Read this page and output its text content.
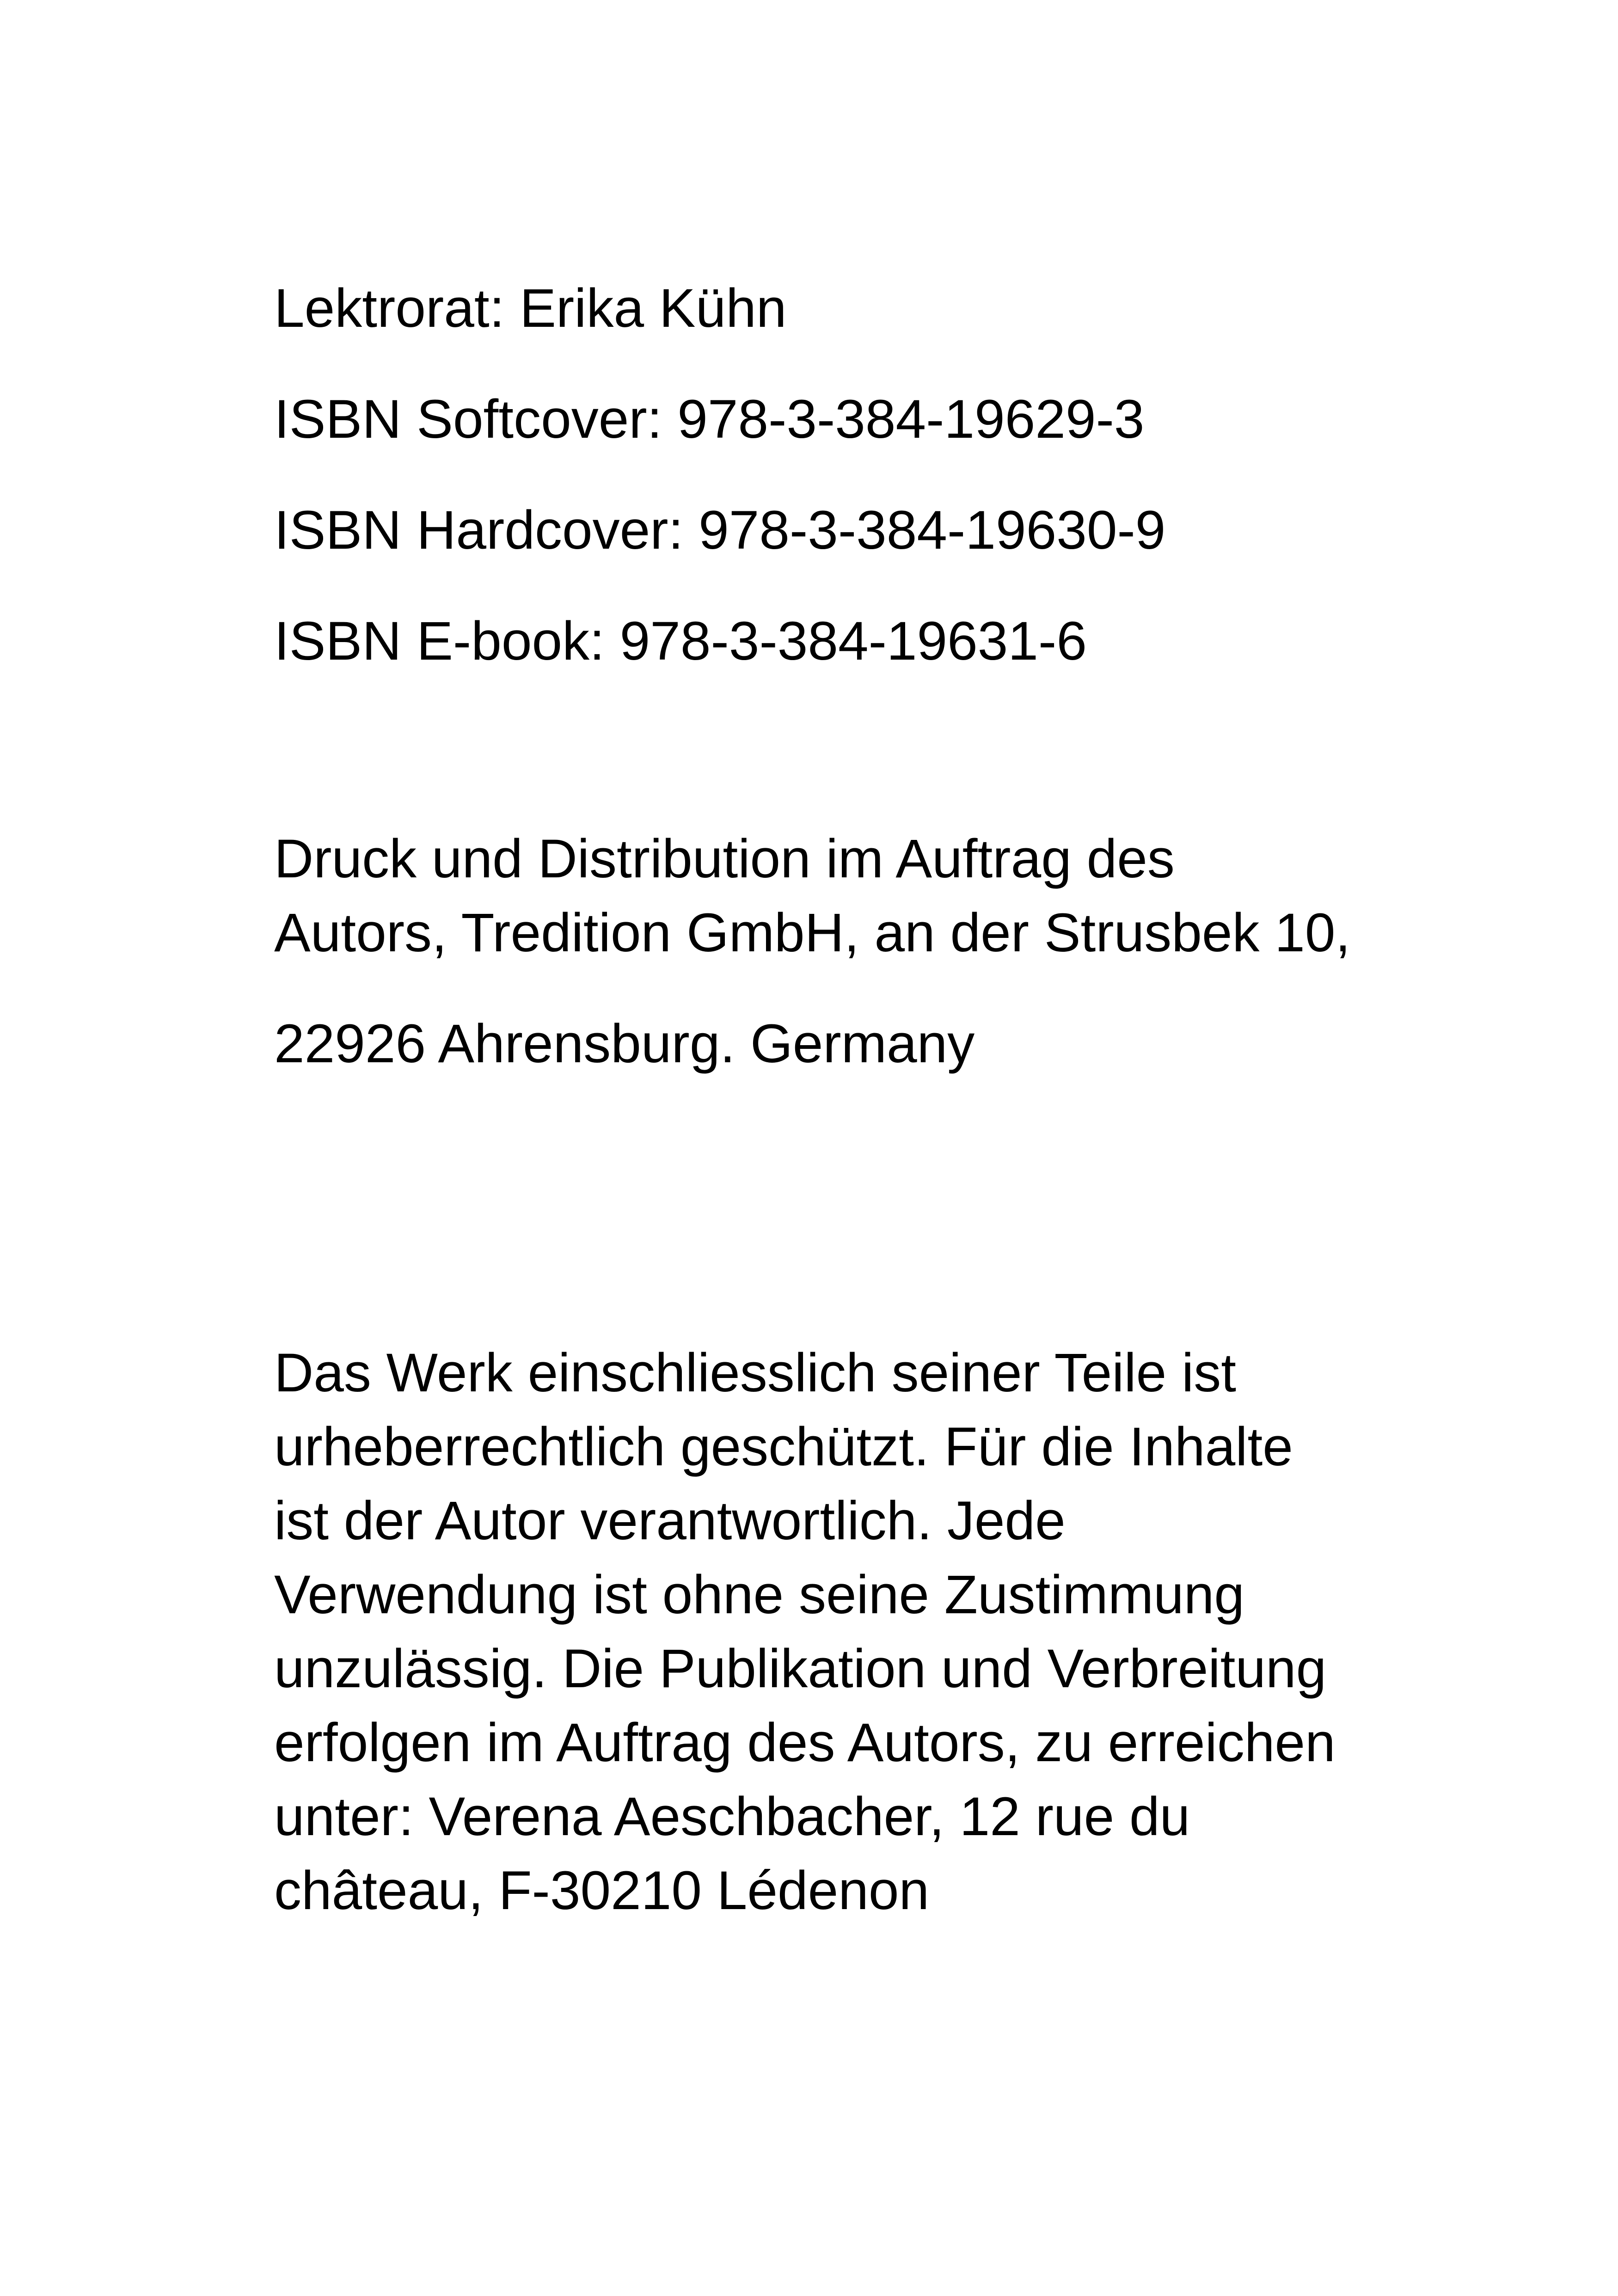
Lektrorat: Erika Kühn

ISBN Softcover: 978-3-384-19629-3

ISBN Hardcover: 978-3-384-19630-9

ISBN E-book: 978-3-384-19631-6

Druck und Distribution im Auftrag des

Autors, Tredition GmbH, an der Strusbek 10,

22926 Ahrensburg. Germany

Das Werk einschliesslich seiner Teile ist

urheberrechtlich geschützt. Für die Inhalte

ist der Autor verantwortlich. Jede

Verwendung ist ohne seine Zustimmung

unzulässig. Die Publikation und Verbreitung

erfolgen im Auftrag des Autors, zu erreichen

unter: Verena Aeschbacher, 12 rue du

château, F-30210 Lédenon
